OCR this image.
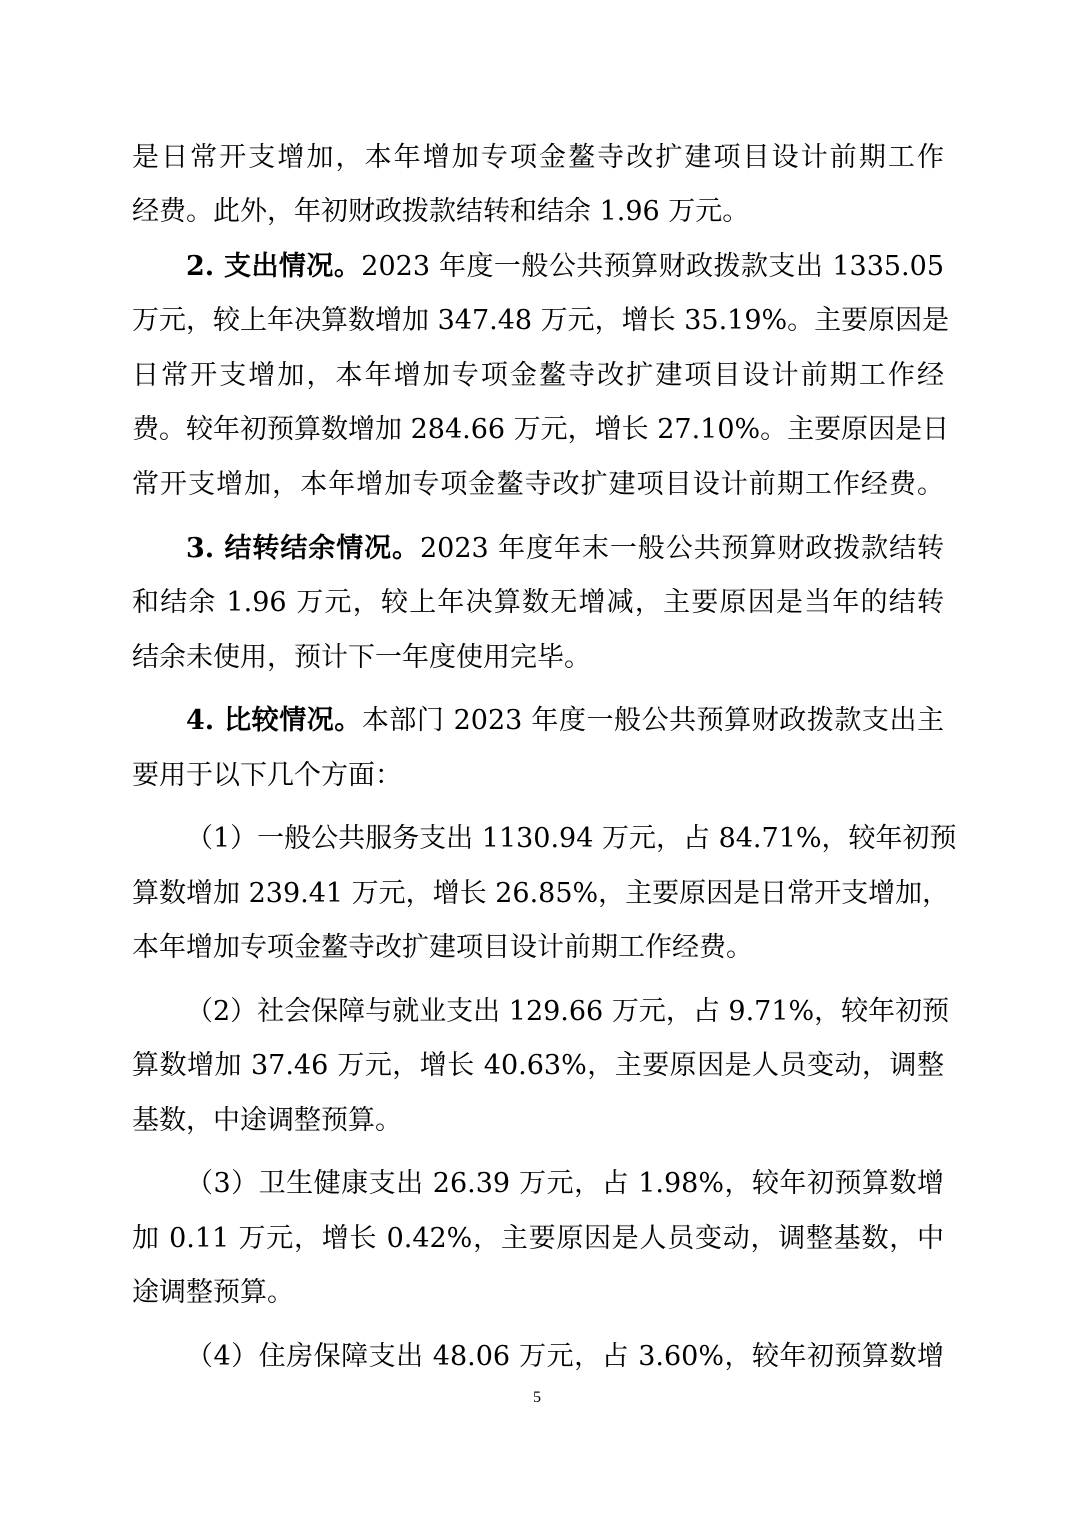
是日常开支增加，本年增加专项金鳌寺改扩建项目设计前期工作
经费。此外，年初财政拨款结转和结余 1.96 万元。
2. 支出情况。2023 年度一般公共预算财政拨款支出 1335.05
万元，较上年决算数增加 347.48 万元，增长 35.19%。主要原因是
日常开支增加，本年增加专项金鳌寺改扩建项目设计前期工作经
费。较年初预算数增加 284.66 万元，增长 27.10%。主要原因是日
常开支增加，本年增加专项金鳌寺改扩建项目设计前期工作经费。
3. 结转结余情况。2023 年度年末一般公共预算财政拨款结转
和结余 1.96 万元，较上年决算数无增减，主要原因是当年的结转
结余未使用，预计下一年度使用完毕。
4. 比较情况。本部门 2023 年度一般公共预算财政拨款支出主
要用于以下几个方面：
（1）一般公共服务支出 1130.94 万元，占 84.71%，较年初预
算数增加 239.41 万元，增长 26.85%，主要原因是日常开支增加，
本年增加专项金鳌寺改扩建项目设计前期工作经费。
（2）社会保障与就业支出 129.66 万元，占 9.71%，较年初预
算数增加 37.46 万元，增长 40.63%，主要原因是人员变动，调整
基数，中途调整预算。
（3）卫生健康支出 26.39 万元，占 1.98%，较年初预算数增
加 0.11 万元，增长 0.42%，主要原因是人员变动，调整基数，中
途调整预算。
（4）住房保障支出 48.06 万元，占 3.60%，较年初预算数增
5
